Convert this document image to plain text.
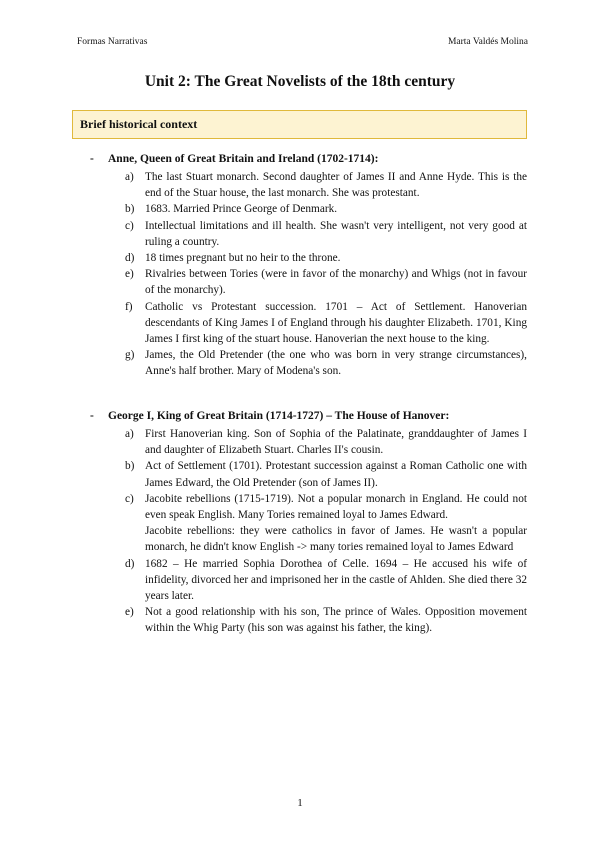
Formas Narrativas	Marta Valdés Molina
Unit 2: The Great Novelists of the 18th century
Brief historical context
- Anne, Queen of Great Britain and Ireland (1702-1714):
a) The last Stuart monarch. Second daughter of James II and Anne Hyde. This is the end of the Stuar house, the last monarch. She was protestant.
b) 1683. Married Prince George of Denmark.
c) Intellectual limitations and ill health. She wasn't very intelligent, not very good at ruling a country.
d) 18 times pregnant but no heir to the throne.
e) Rivalries between Tories (were in favor of the monarchy) and Whigs (not in favour of the monarchy).
f) Catholic vs Protestant succession. 1701 – Act of Settlement. Hanoverian descendants of King James I of England through his daughter Elizabeth. 1701, King James I first king of the stuart house. Hanoverian the next house to the king.
g) James, the Old Pretender (the one who was born in very strange circumstances), Anne's half brother. Mary of Modena's son.
- George I, King of Great Britain (1714-1727) – The House of Hanover:
a) First Hanoverian king. Son of Sophia of the Palatinate, granddaughter of James I and daughter of Elizabeth Stuart. Charles II's cousin.
b) Act of Settlement (1701). Protestant succession against a Roman Catholic one with James Edward, the Old Pretender (son of James II).
c) Jacobite rebellions (1715-1719). Not a popular monarch in England. He could not even speak English. Many Tories remained loyal to James Edward.
Jacobite rebellions: they were catholics in favor of James. He wasn't a popular monarch, he didn't know English -> many tories remained loyal to James Edward
d) 1682 – He married Sophia Dorothea of Celle. 1694 – He accused his wife of infidelity, divorced her and imprisoned her in the castle of Ahlden. She died there 32 years later.
e) Not a good relationship with his son, The prince of Wales. Opposition movement within the Whig Party (his son was against his father, the king).
1
